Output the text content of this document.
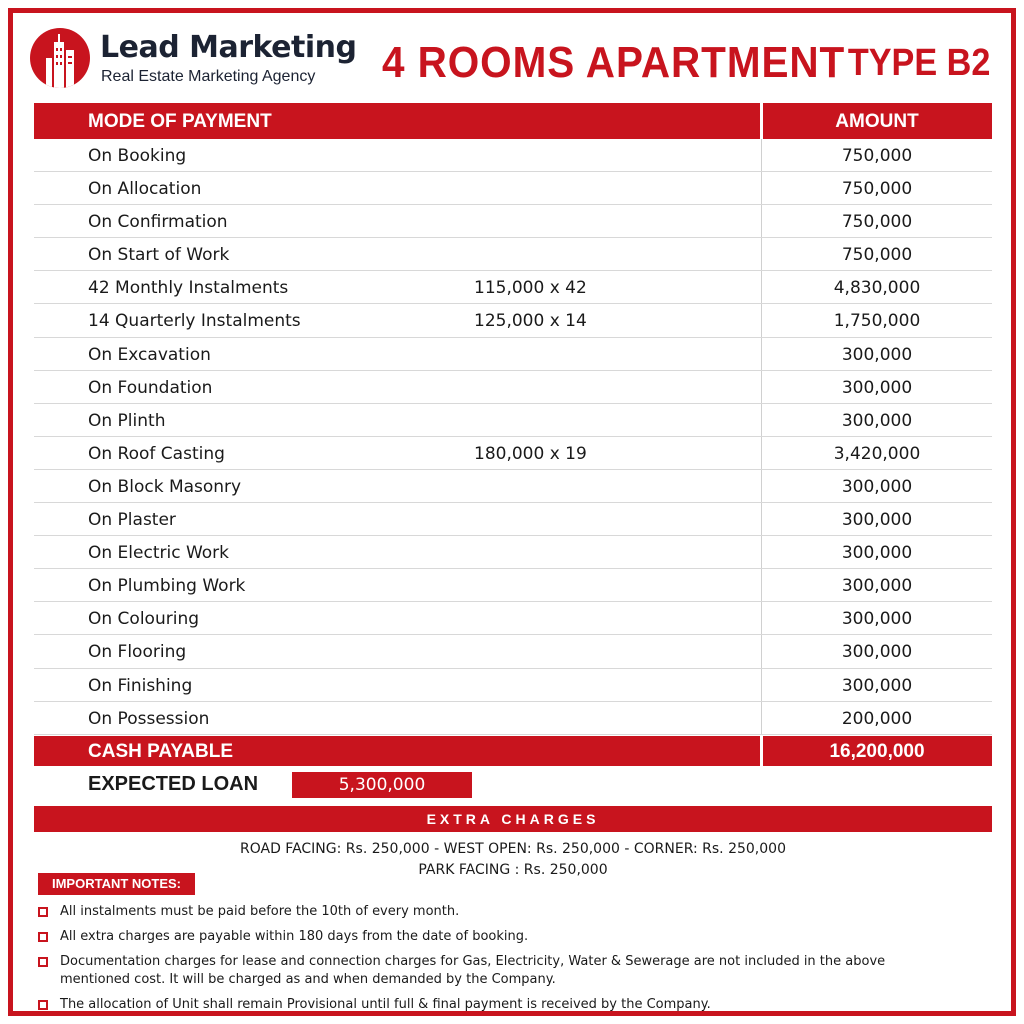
Lead Marketing
Real Estate Marketing Agency 4 ROOMS APARTMENT TYPE B2
MODE OF PAYMENT	AMOUNT
On Booking	750,000
On Allocation	750,000
On Confirmation	750,000
On Start of Work	750,000
42 Monthly Instalments	115,000 x 42	4,830,000
14 Quarterly Instalments	125,000 x 14	1,750,000
On Excavation	300,000
On Foundation	300,000
On Plinth	300,000
On Roof Casting	180,000 x 19	3,420,000
On Block Masonry	300,000
On Plaster	300,000
On Electric Work	300,000
On Plumbing Work	300,000
On Colouring	300,000
On Flooring	300,000
On Finishing	300,000
On Possession	200,000
CASH PAYABLE	16,200,000
EXPECTED LOAN	5,300,000
EXTRA CHARGES
ROAD FACING: Rs. 250,000 - WEST OPEN: Rs. 250,000 - CORNER: Rs. 250,000
PARK FACING : Rs. 250,000
IMPORTANT NOTES:
All instalments must be paid before the 10th of every month.
All extra charges are payable within 180 days from the date of booking.
Documentation charges for lease and connection charges for Gas, Electricity, Water & Sewerage are not included in the above mentioned cost. It will be charged as and when demanded by the Company.
The allocation of Unit shall remain Provisional until full & final payment is received by the Company.
